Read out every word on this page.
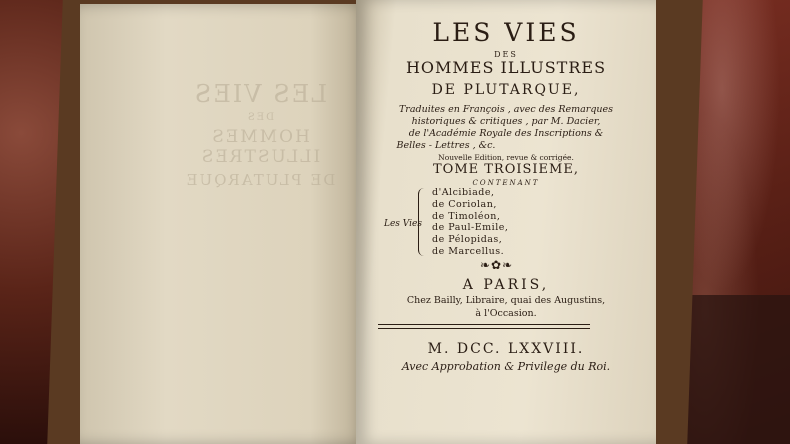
LES VIES
DES
HOMMES ILLUSTRES
DE PLUTARQUE
LES VIES
DES
HOMMES ILLUSTRES
DE PLUTARQUE,
Traduites en François , avec des Remarques
historiques & critiques , par M. Dacier,
de l'Académie Royale des Inscriptions &
Belles - Lettres , &c.
Nouvelle Edition, revue & corrigée.
TOME TROISIEME,
CONTENANT
Les Vies
d'Alcibiade,
de Coriolan,
de Timoléon,
de Paul-Emile,
de Pélopidas,
de Marcellus.
❧✿❧
A PARIS,
Chez Bailly, Libraire, quai des Augustins,
à l'Occasion.
M. DCC. LXXVIII.
Avec Approbation & Privilege du Roi.
